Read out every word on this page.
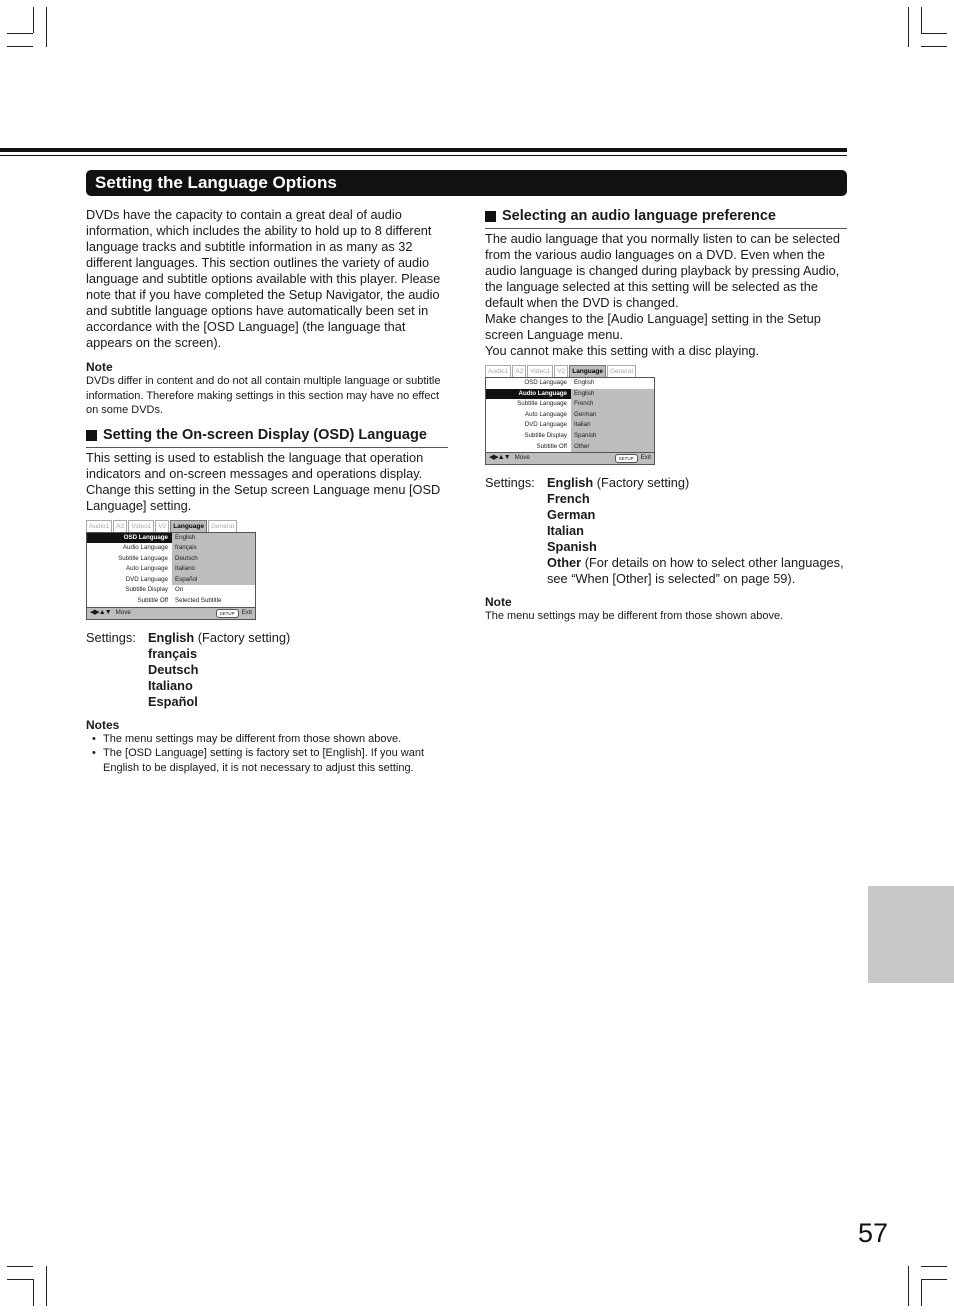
Setting the Language Options

DVDs have the capacity to contain a great deal of audio information, which includes the ability to hold up to 8 different language tracks and subtitle information in as many as 32 different languages. This section outlines the variety of audio language and subtitle options available with this player. Please note that if you have completed the Setup Navigator, the audio and subtitle language options have automatically been set in accordance with the [OSD Language] (the language that appears on the screen).

Note

DVDs differ in content and do not all contain multiple language or subtitle information. Therefore making settings in this section may have no effect on some DVDs.

Setting the On-screen Display (OSD) Language

This setting is used to establish the language that operation indicators and on-screen messages and operations display. Change this setting in the Setup screen Language menu [OSD Language] setting.

Audio1	A2	Video1	V2	Language	General
OSD Language	English
Audio Language	français
Subtitle Language	Deutsch
Auto Language	Italiano
DVD Language	Español
Subtitle Display	On
Subtitle Off	Selected Subtitle
◀▶▲▼ Move	SETUP	Exit
Settings: English (Factory setting)
français
Deutsch
Italiano
Español
Notes
• The menu settings may be different from those shown above.
• The [OSD Language] setting is factory set to [English]. If you want English to be displayed, it is not necessary to adjust this setting.
Selecting an audio language preference

The audio language that you normally listen to can be selected from the various audio languages on a DVD. Even when the audio language is changed during playback by pressing Audio, the language selected at this setting will be selected as the default when the DVD is changed.

Make changes to the [Audio Language] setting in the Setup screen Language menu.

You cannot make this setting with a disc playing.

Audio1	A2	Video1	V2	Language	General
OSD Language	English
Audio Language	English
Subtitle Language	French
Auto Language	German
DVD Language	Italian
Subtitle Display	Spanish
Subtitle Off	Other
◀▶▲▼ Move	SETUP	Exit
Settings: English (Factory setting)
French
German
Italian
Spanish
Other (For details on how to select other languages, see “When [Other] is selected” on page 59).
Note

The menu settings may be different from those shown above.

57
